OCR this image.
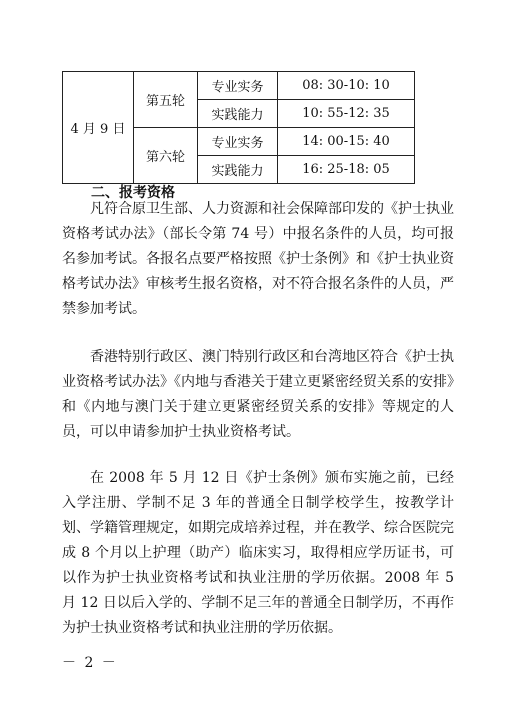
4 月 9 日	第五轮	专业实务	08: 30-10: 10
		实践能力	10: 55-12: 35
	第六轮	专业实务	14: 00-15: 40
		实践能力	16: 25-18: 05
二、报考资格

凡符合原卫生部、人力资源和社会保障部印发的《护士执业资格考试办法》（部长令第 74 号）中报名条件的人员，均可报名参加考试。各报名点要严格按照《护士条例》和《护士执业资格考试办法》审核考生报名资格，对不符合报名条件的人员，严禁参加考试。

香港特别行政区、澳门特别行政区和台湾地区符合《护士执业资格考试办法》《内地与香港关于建立更紧密经贸关系的安排》和《内地与澳门关于建立更紧密经贸关系的安排》等规定的人员，可以申请参加护士执业资格考试。

在 2008 年 5 月 12 日《护士条例》颁布实施之前，已经入学注册、学制不足 3 年的普通全日制学校学生，按教学计划、学籍管理规定，如期完成培养过程，并在教学、综合医院完成 8 个月以上护理（助产）临床实习，取得相应学历证书，可以作为护士执业资格考试和执业注册的学历依据。2008 年 5 月 12 日以后入学的、学制不足三年的普通全日制学历，不再作为护士执业资格考试和执业注册的学历依据。

－ 2 －
